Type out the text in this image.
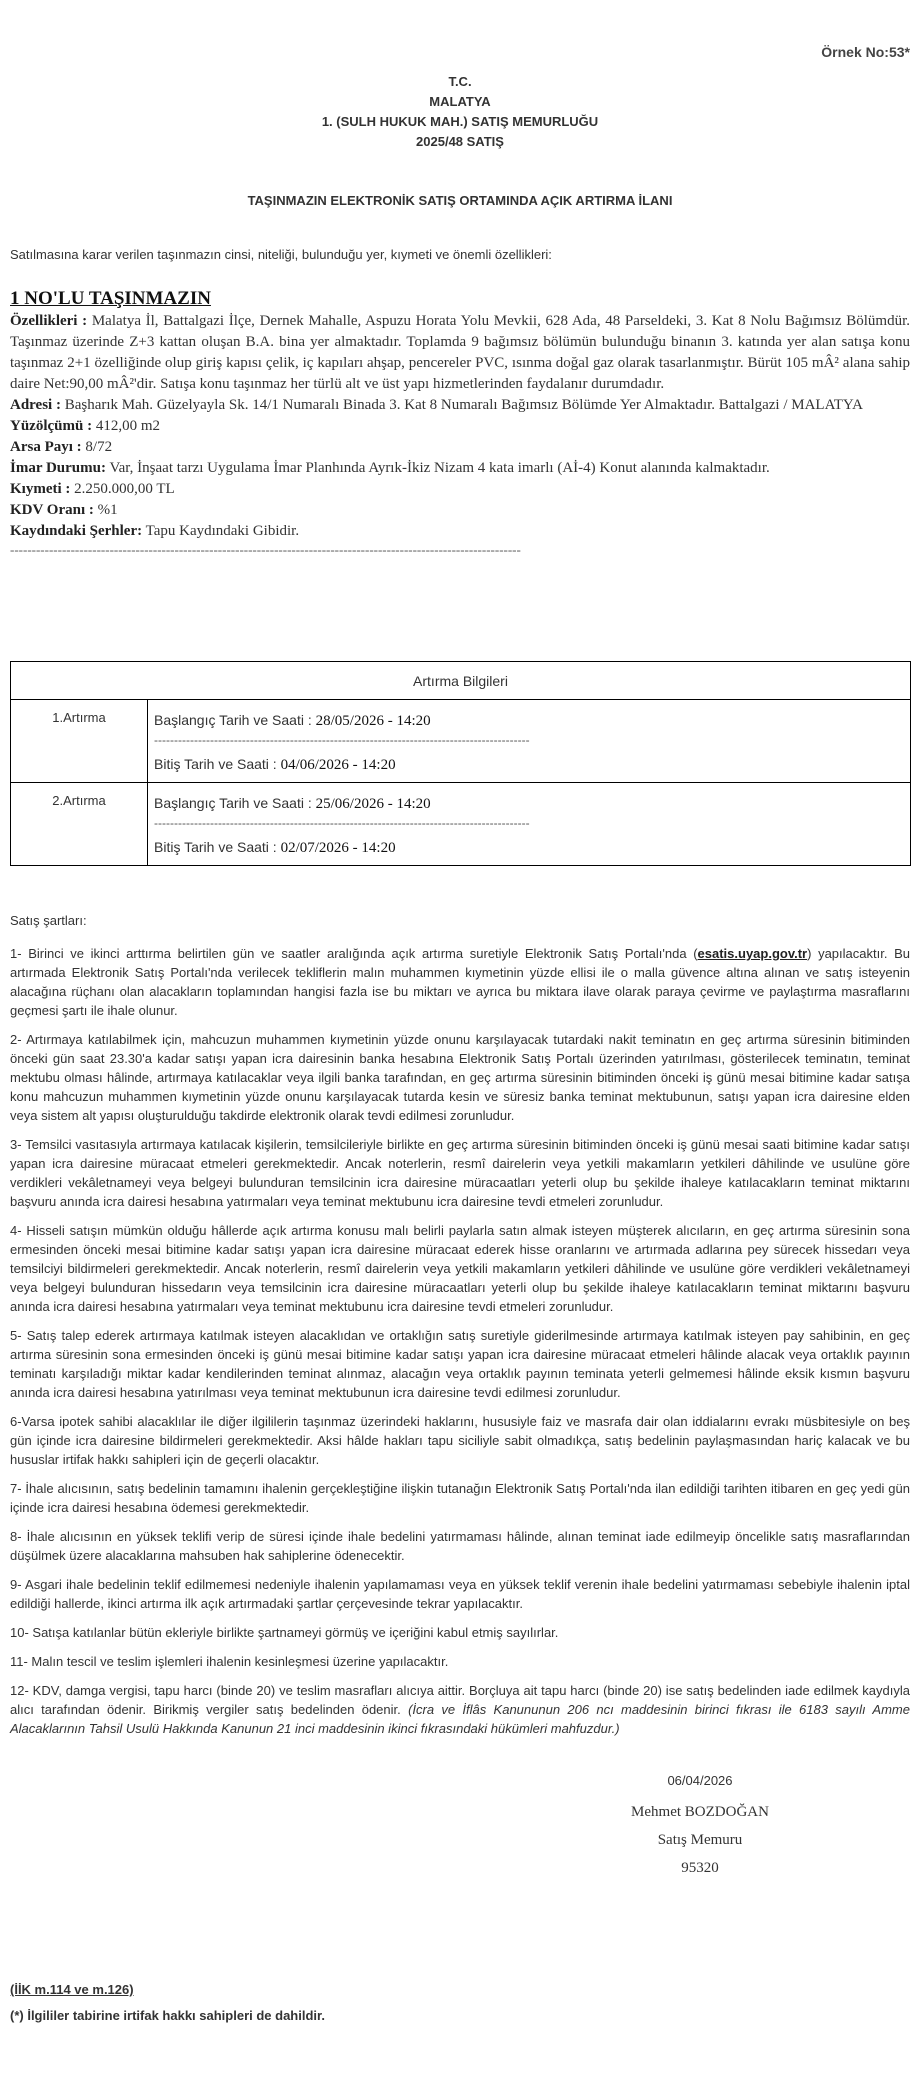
Örnek No:53*
T.C.
MALATYA
1. (SULH HUKUK MAH.) SATIŞ MEMURLUĞU
2025/48 SATIŞ
TAŞINMAZIN ELEKTRONİK SATIŞ ORTAMINDA AÇIK ARTIRMA İLANI
Satılmasına karar verilen taşınmazın cinsi, niteliği, bulunduğu yer, kıymeti ve önemli özellikleri:
1 NO'LU TAŞINMAZIN
Özellikleri : Malatya İl, Battalgazi İlçe, Dernek Mahalle, Aspuzu Horata Yolu Mevkii, 628 Ada, 48 Parseldeki, 3. Kat 8 Nolu Bağımsız Bölümdür. Taşınmaz üzerinde Z+3 kattan oluşan B.A. bina yer almaktadır. Toplamda 9 bağımsız bölümün bulunduğu binanın 3. katında yer alan satışa konu taşınmaz 2+1 özelliğinde olup giriş kapısı çelik, iç kapıları ahşap, pencereler PVC, ısınma doğal gaz olarak tasarlanmıştır. Bürüt 105 mÂ² alana sahip daire Net:90,00 mÂ²'dir. Satışa konu taşınmaz her türlü alt ve üst yapı hizmetlerinden faydalanır durumdadır.
Adresi : Başharık Mah. Güzelyayla Sk. 14/1 Numaralı Binada 3. Kat 8 Numaralı Bağımsız Bölümde Yer Almaktadır. Battalgazi / MALATYA
Yüzölçümü : 412,00 m2
Arsa Payı : 8/72
İmar Durumu: Var, İnşaat tarzı Uygulama İmar Planhında Ayrık-İkiz Nizam 4 kata imarlı (Aİ-4) Konut alanında kalmaktadır.
Kıymeti : 2.250.000,00 TL
KDV Oranı : %1
Kaydındaki Şerhler: Tapu Kaydındaki Gibidir.
----------------------------------------------------------------------------------------------------------------------
Artırma Bilgileri	
1.Artırma	Başlangıç Tarih ve Saati : 28/05/2026 - 14:20
----------------------------------------------------------------------------------------------
Bitiş Tarih ve Saati : 04/06/2026 - 14:20

2.Artırma	Başlangıç Tarih ve Saati : 25/06/2026 - 14:20
----------------------------------------------------------------------------------------------
Bitiş Tarih ve Saati : 02/07/2026 - 14:20

Satış şartları:

1- Birinci ve ikinci arttırma belirtilen gün ve saatler aralığında açık artırma suretiyle Elektronik Satış Portalı'nda (esatis.uyap.gov.tr) yapılacaktır. Bu artırmada Elektronik Satış Portalı'nda verilecek tekliflerin malın muhammen kıymetinin yüzde ellisi ile o malla güvence altına alınan ve satış isteyenin alacağına rüçhanı olan alacakların toplamından hangisi fazla ise bu miktarı ve ayrıca bu miktara ilave olarak paraya çevirme ve paylaştırma masraflarını geçmesi şartı ile ihale olunur.

2- Artırmaya katılabilmek için, mahcuzun muhammen kıymetinin yüzde onunu karşılayacak tutardaki nakit teminatın en geç artırma süresinin bitiminden önceki gün saat 23.30'a kadar satışı yapan icra dairesinin banka hesabına Elektronik Satış Portalı üzerinden yatırılması, gösterilecek teminatın, teminat mektubu olması hâlinde, artırmaya katılacaklar veya ilgili banka tarafından, en geç artırma süresinin bitiminden önceki iş günü mesai bitimine kadar satışa konu mahcuzun muhammen kıymetinin yüzde onunu karşılayacak tutarda kesin ve süresiz banka teminat mektubunun, satışı yapan icra dairesine elden veya sistem alt yapısı oluşturulduğu takdirde elektronik olarak tevdi edilmesi zorunludur.

3- Temsilci vasıtasıyla artırmaya katılacak kişilerin, temsilcileriyle birlikte en geç artırma süresinin bitiminden önceki iş günü mesai saati bitimine kadar satışı yapan icra dairesine müracaat etmeleri gerekmektedir. Ancak noterlerin, resmî dairelerin veya yetkili makamların yetkileri dâhilinde ve usulüne göre verdikleri vekâletnameyi veya belgeyi bulunduran temsilcinin icra dairesine müracaatları yeterli olup bu şekilde ihaleye katılacakların teminat miktarını başvuru anında icra dairesi hesabına yatırmaları veya teminat mektubunu icra dairesine tevdi etmeleri zorunludur.

4- Hisseli satışın mümkün olduğu hâllerde açık artırma konusu malı belirli paylarla satın almak isteyen müşterek alıcıların, en geç artırma süresinin sona ermesinden önceki mesai bitimine kadar satışı yapan icra dairesine müracaat ederek hisse oranlarını ve artırmada adlarına pey sürecek hissedarı veya temsilciyi bildirmeleri gerekmektedir. Ancak noterlerin, resmî dairelerin veya yetkili makamların yetkileri dâhilinde ve usulüne göre verdikleri vekâletnameyi veya belgeyi bulunduran hissedarın veya temsilcinin icra dairesine müracaatları yeterli olup bu şekilde ihaleye katılacakların teminat miktarını başvuru anında icra dairesi hesabına yatırmaları veya teminat mektubunu icra dairesine tevdi etmeleri zorunludur.

5- Satış talep ederek artırmaya katılmak isteyen alacaklıdan ve ortaklığın satış suretiyle giderilmesinde artırmaya katılmak isteyen pay sahibinin, en geç artırma süresinin sona ermesinden önceki iş günü mesai bitimine kadar satışı yapan icra dairesine müracaat etmeleri hâlinde alacak veya ortaklık payının teminatı karşıladığı miktar kadar kendilerinden teminat alınmaz, alacağın veya ortaklık payının teminata yeterli gelmemesi hâlinde eksik kısmın başvuru anında icra dairesi hesabına yatırılması veya teminat mektubunun icra dairesine tevdi edilmesi zorunludur.

6-Varsa ipotek sahibi alacaklılar ile diğer ilgililerin taşınmaz üzerindeki haklarını, hususiyle faiz ve masrafa dair olan iddialarını evrakı müsbitesiyle on beş gün içinde icra dairesine bildirmeleri gerekmektedir. Aksi hâlde hakları tapu siciliyle sabit olmadıkça, satış bedelinin paylaşmasından hariç kalacak ve bu hususlar irtifak hakkı sahipleri için de geçerli olacaktır.

7- İhale alıcısının, satış bedelinin tamamını ihalenin gerçekleştiğine ilişkin tutanağın Elektronik Satış Portalı'nda ilan edildiği tarihten itibaren en geç yedi gün içinde icra dairesi hesabına ödemesi gerekmektedir.

8- İhale alıcısının en yüksek teklifi verip de süresi içinde ihale bedelini yatırmaması hâlinde, alınan teminat iade edilmeyip öncelikle satış masraflarından düşülmek üzere alacaklarına mahsuben hak sahiplerine ödenecektir.

9- Asgari ihale bedelinin teklif edilmemesi nedeniyle ihalenin yapılamaması veya en yüksek teklif verenin ihale bedelini yatırmaması sebebiyle ihalenin iptal edildiği hallerde, ikinci artırma ilk açık artırmadaki şartlar çerçevesinde tekrar yapılacaktır.

10- Satışa katılanlar bütün ekleriyle birlikte şartnameyi görmüş ve içeriğini kabul etmiş sayılırlar.

11- Malın tescil ve teslim işlemleri ihalenin kesinleşmesi üzerine yapılacaktır.

12- KDV, damga vergisi, tapu harcı (binde 20) ve teslim masrafları alıcıya aittir. Borçluya ait tapu harcı (binde 20) ise satış bedelinden iade edilmek kaydıyla alıcı tarafından ödenir. Birikmiş vergiler satış bedelinden ödenir. (İcra ve İflâs Kanununun 206 ncı maddesinin birinci fıkrası ile 6183 sayılı Amme Alacaklarının Tahsil Usulü Hakkında Kanunun 21 inci maddesinin ikinci fıkrasındaki hükümleri mahfuzdur.)

06/04/2026
Mehmet BOZDOĞAN
Satış Memuru
95320
(İİK m.114 ve m.126)
(*) İlgililer tabirine irtifak hakkı sahipleri de dahildir.
